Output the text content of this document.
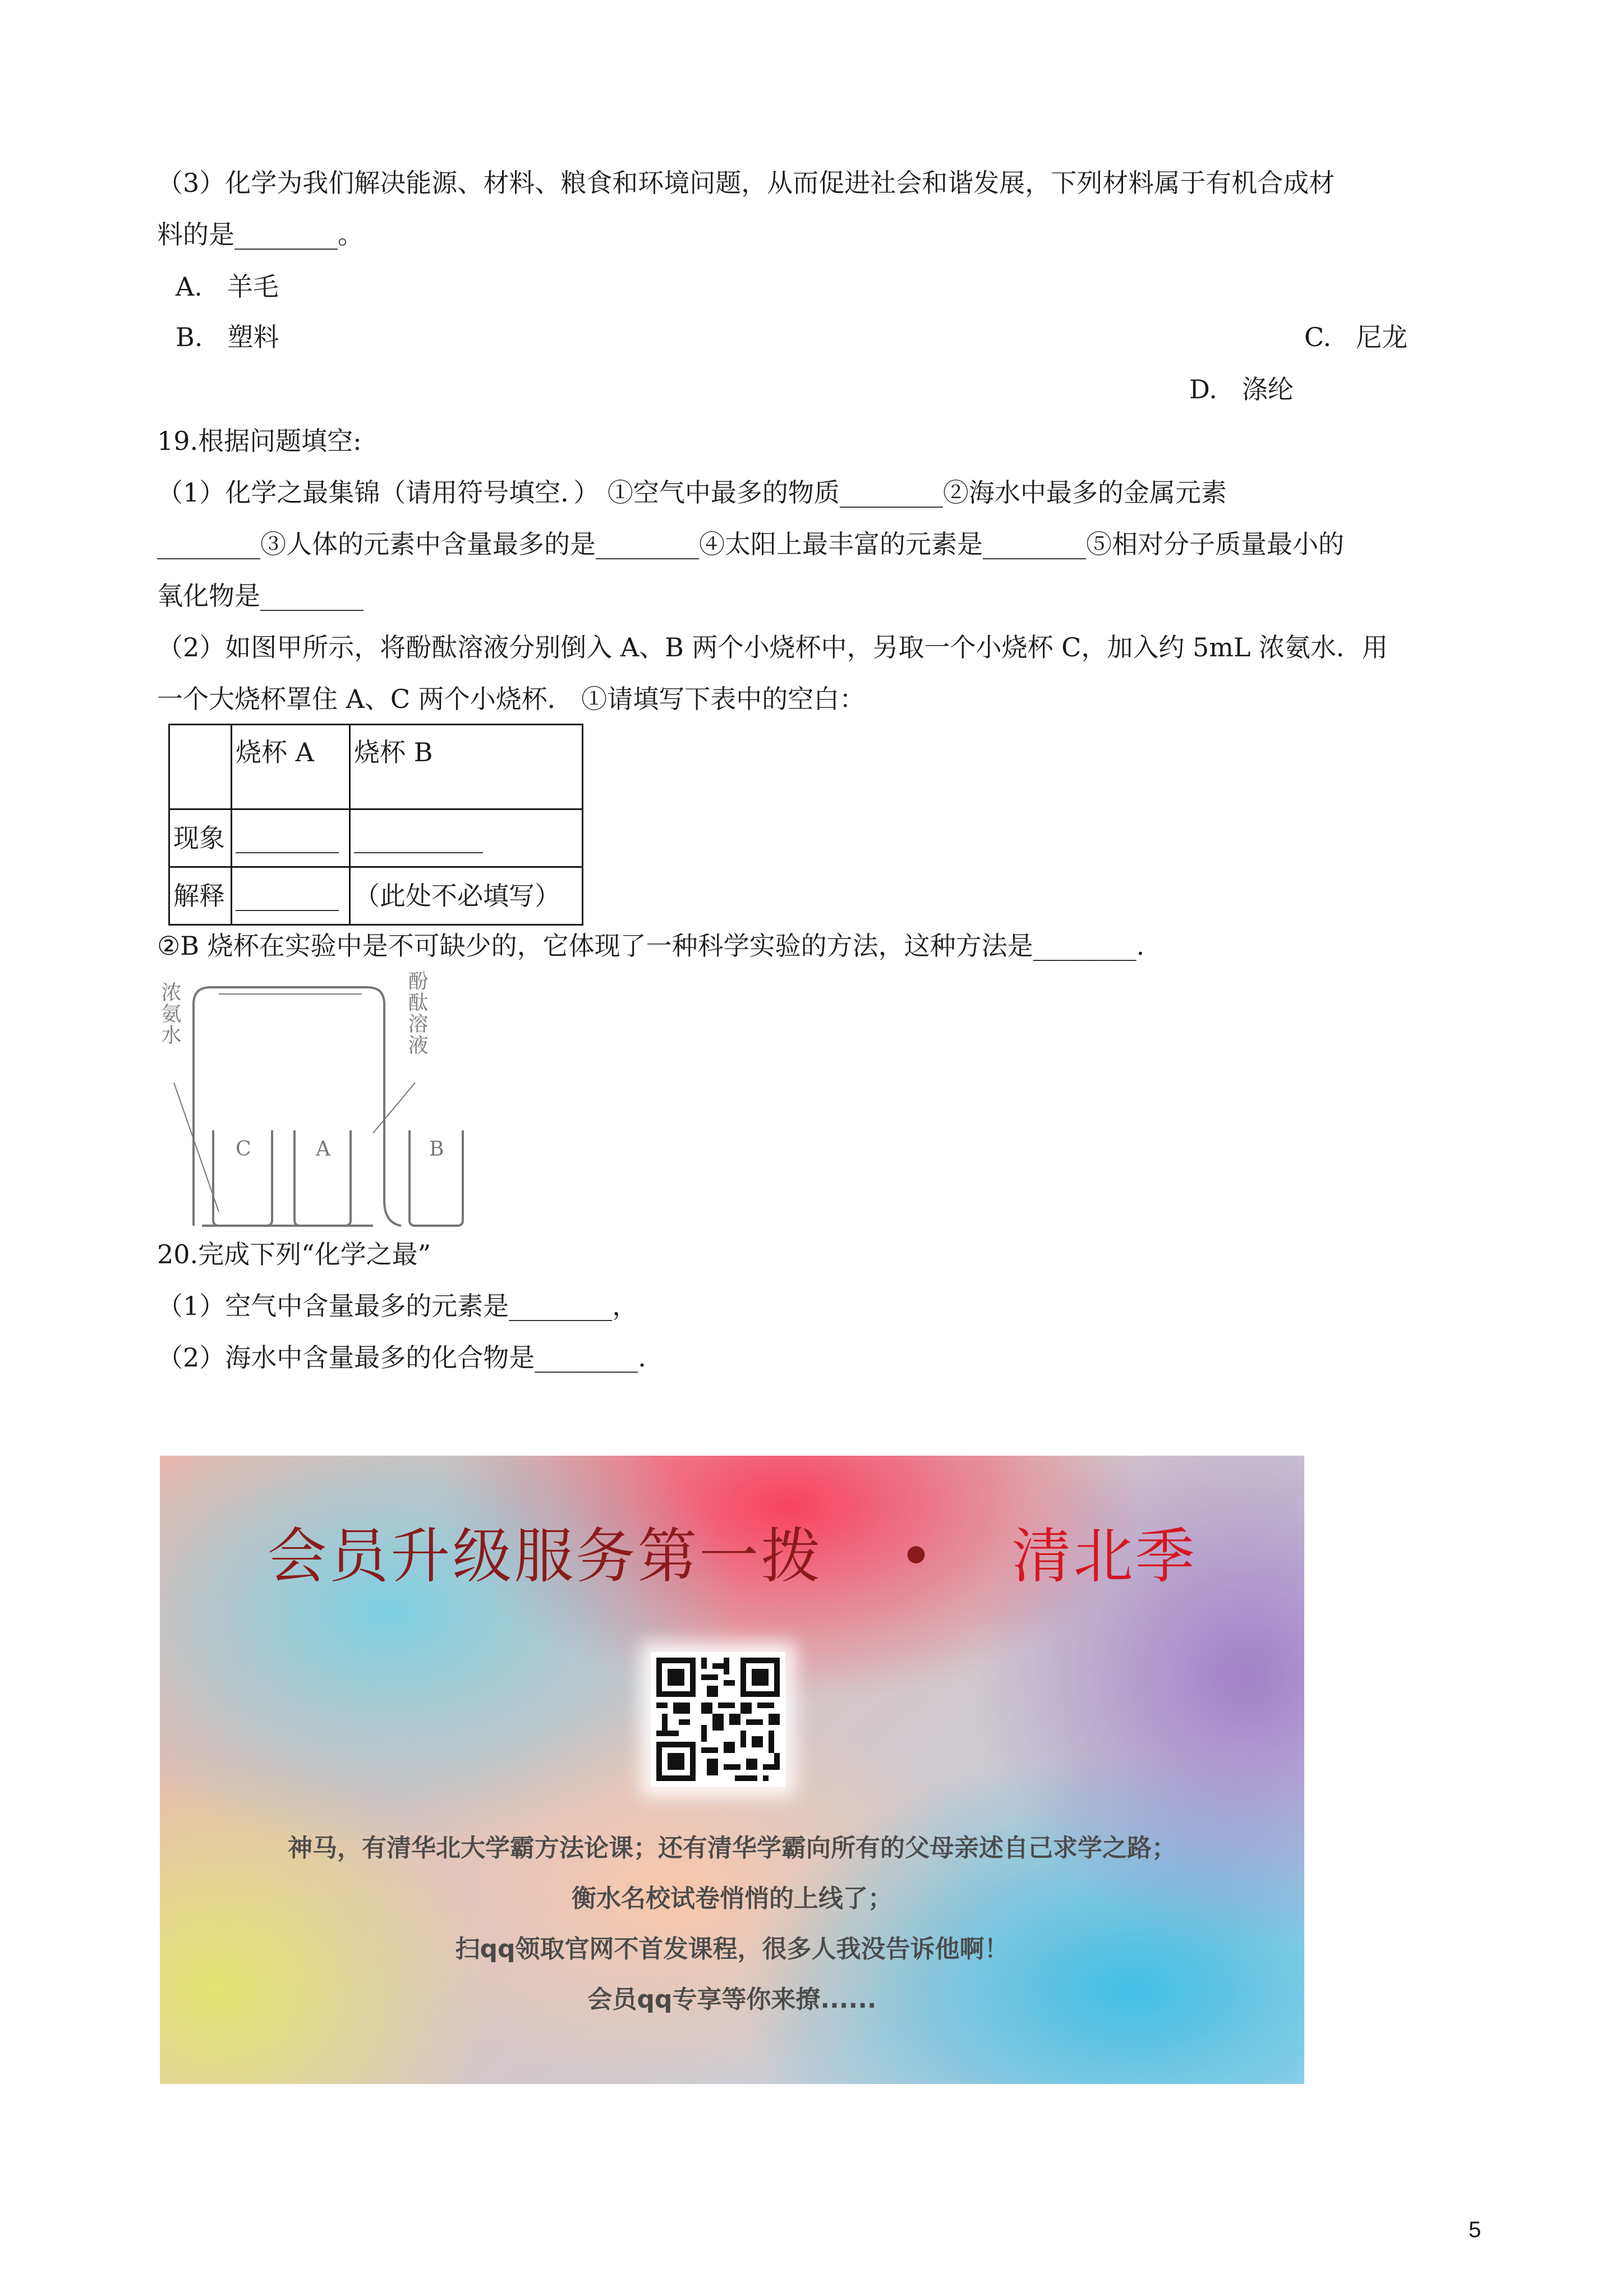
（3）化学为我们解决能源、材料、粮食和环境问题，从而促进社会和谐发展，下列材料属于有机合成材
料的是________。
A. 羊毛
B. 塑料	C. 尼龙
D. 涤纶
19.根据问题填空:
（1）化学之最集锦（请用符号填空．） ①空气中最多的物质________②海水中最多的金属元素
________③人体的元素中含量最多的是________④太阳上最丰富的元素是________⑤相对分子质量最小的
氧化物是________
（2）如图甲所示，将酚酞溶液分别倒入 A、B 两个小烧杯中，另取一个小烧杯 C，加入约 5mL 浓氨水．用
一个大烧杯罩住 A、C 两个小烧杯． ①请填写下表中的空白：
	烧杯 A	烧杯 B
现象	________	__________
解释	________	（此处不必填写）
②B 烧杯在实验中是不可缺少的，它体现了一种科学实验的方法，这种方法是________.
C	A	B
浓氨水	酚酞溶液
20.完成下列“化学之最”
（1）空气中含量最多的元素是________，
（2）海水中含量最多的化合物是________.
会员升级服务第一拨 • 清北季
神马，有清华北大学霸方法论课；还有清华学霸向所有的父母亲述自己求学之路；
衡水名校试卷悄悄的上线了；
扫qq领取官网不首发课程，很多人我没告诉他啊！
会员qq专享等你来撩......
5
